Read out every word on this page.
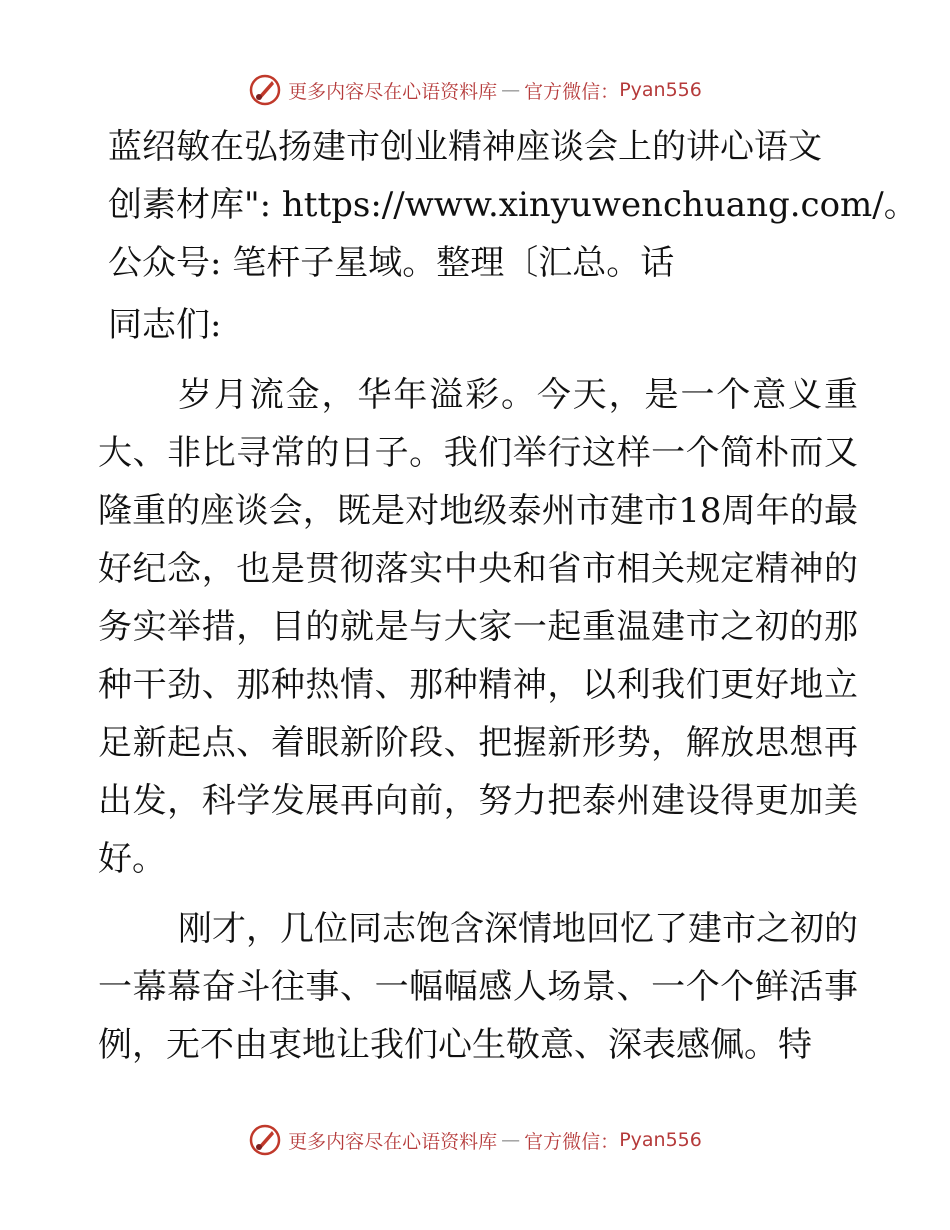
更多内容尽在心语资料库 — 官方微信： Pyan556
蓝绍敏在弘扬建市创业精神座谈会上的讲心语文
创素材库": https://www.xinyuwenchuang.com/。
公众号: 笔杆子星域。整理〔汇总。话

同志们:

岁月流金，华年溢彩。今天，是一个意义重大、非比寻常的日子。我们举行这样一个简朴而又隆重的座谈会，既是对地级泰州市建市18周年的最好纪念，也是贯彻落实中央和省市相关规定精神的务实举措，目的就是与大家一起重温建市之初的那种干劲、那种热情、那种精神，以利我们更好地立足新起点、着眼新阶段、把握新形势，解放思想再出发，科学发展再向前，努力把泰州建设得更加美好。

刚才，几位同志饱含深情地回忆了建市之初的一幕幕奋斗往事、一幅幅感人场景、一个个鲜活事例，无不由衷地让我们心生敬意、深表感佩。特

更多内容尽在心语资料库 — 官方微信： Pyan556
